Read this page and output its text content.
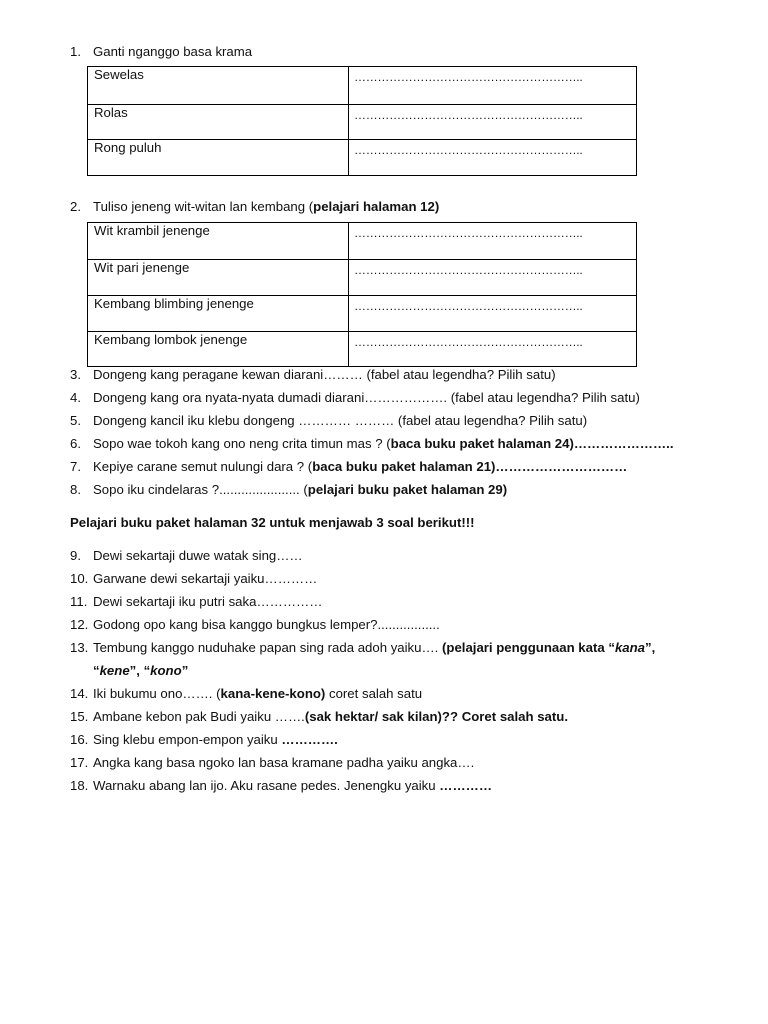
1. Ganti nganggo basa krama
Sewelas	…………………………………………………..
Rolas	…………………………………………………..
Rong puluh	…………………………………………………..
2. Tuliso jeneng wit-witan lan kembang (pelajari halaman 12)
Wit krambil jenenge	…………………………………………………..
Wit pari jenenge	…………………………………………………..
Kembang blimbing jenenge	…………………………………………………..
Kembang lombok jenenge	…………………………………………………..
3. Dongeng kang peragane kewan diarani……… (fabel atau legendha? Pilih satu)
4. Dongeng kang ora nyata-nyata dumadi diarani………………. (fabel atau legendha? Pilih satu)
5. Dongeng kancil iku klebu dongeng ………… ……… (fabel atau legendha? Pilih satu)
6. Sopo wae tokoh kang ono neng crita timun mas ? (baca buku paket halaman 24)…………………..
7. Kepiye carane semut nulungi dara ? (baca buku paket halaman 21)…………………………
8. Sopo iku cindelaras ?...................... (pelajari buku paket halaman 29)
Pelajari buku paket halaman 32 untuk menjawab 3 soal berikut!!!
9. Dewi sekartaji duwe watak sing……
10. Garwane dewi sekartaji yaiku…………
11. Dewi sekartaji iku putri saka……………
12. Godong opo kang bisa kanggo bungkus lemper?.................
13. Tembung kanggo nuduhake papan sing rada adoh yaiku…. (pelajari penggunaan kata “kana”,
“kene”, “kono”
14. Iki bukumu ono……. (kana-kene-kono) coret salah satu
15. Ambane kebon pak Budi yaiku …….(sak hektar/ sak kilan)?? Coret salah satu.
16. Sing klebu empon-empon yaiku ………….
17. Angka kang basa ngoko lan basa kramane padha yaiku angka….
18. Warnaku abang lan ijo. Aku rasane pedes. Jenengku yaiku …………
